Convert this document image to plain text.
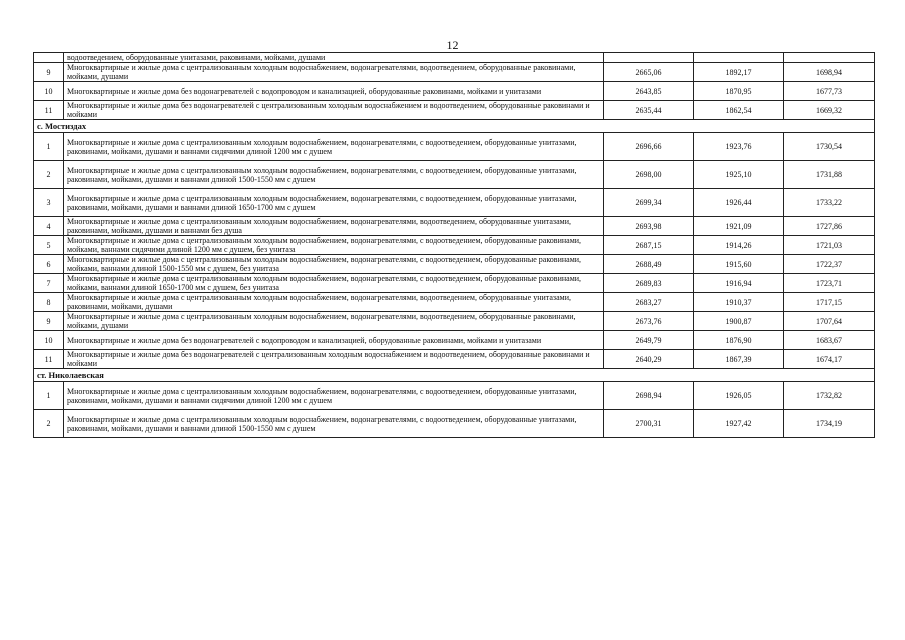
12
	водоотведением, оборудованные унитазами, раковинами, мойками, душами			
9	Многоквартирные и жилые дома с централизованным холодным водоснабжением, водонагревателями, водоотведением, оборудованные раковинами, мойками, душами	2665,06	1892,17	1698,94
10	Многоквартирные и жилые дома без водонагревателей с водопроводом и канализацией, оборудованные раковинами, мойками и унитазами	2643,85	1870,95	1677,73
11	Многоквартирные и жилые дома без водонагревателей с централизованным холодным водоснабжением и водоотведением, оборудованные раковинами и мойками	2635,44	1862,54	1669,32
с. Мостиздах				
1	Многоквартирные и жилые дома с централизованным холодным водоснабжением, водонагревателями, с водоотведением, оборудованные унитазами, раковинами, мойками, душами и ваннами сидячими длиной 1200 мм с душем	2696,66	1923,76	1730,54
2	Многоквартирные и жилые дома с централизованным холодным водоснабжением, водонагревателями, с водоотведением, оборудованные унитазами, раковинами, мойками, душами и ваннами длиной 1500-1550 мм с душем	2698,00	1925,10	1731,88
3	Многоквартирные и жилые дома с централизованным холодным водоснабжением, водонагревателями, с водоотведением, оборудованные унитазами, раковинами, мойками, душами и ваннами длиной 1650-1700 мм с душем	2699,34	1926,44	1733,22
4	Многоквартирные и жилые дома с централизованным холодным водоснабжением, водонагревателями, водоотведением, оборудованные унитазами, раковинами, мойками, душами и ваннами без душа	2693,98	1921,09	1727,86
5	Многоквартирные и жилые дома с централизованным холодным водоснабжением, водонагревателями, с водоотведением, оборудованные раковинами, мойками, ваннами сидячими длиной 1200 мм с душем, без унитаза	2687,15	1914,26	1721,03
6	Многоквартирные и жилые дома с централизованным холодным водоснабжением, водонагревателями, с водоотведением, оборудованные раковинами, мойками, ваннами длиной 1500-1550 мм с душем, без унитаза	2688,49	1915,60	1722,37
7	Многоквартирные и жилые дома с централизованным холодным водоснабжением, водонагревателями, с водоотведением, оборудованные раковинами, мойками, ваннами длиной 1650-1700 мм с душем, без унитаза	2689,83	1916,94	1723,71
8	Многоквартирные и жилые дома с централизованным холодным водоснабжением, водонагревателями, водоотведением, оборудованные унитазами, раковинами, мойками, душами	2683,27	1910,37	1717,15
9	Многоквартирные и жилые дома с централизованным холодным водоснабжением, водонагревателями, водоотведением, оборудованные раковинами, мойками, душами	2673,76	1900,87	1707,64
10	Многоквартирные и жилые дома без водонагревателей с водопроводом и канализацией, оборудованные раковинами, мойками и унитазами	2649,79	1876,90	1683,67
11	Многоквартирные и жилые дома без водонагревателей с централизованным холодным водоснабжением и водоотведением, оборудованные раковинами и мойками	2640,29	1867,39	1674,17
ст. Николаевская				
1	Многоквартирные и жилые дома с централизованным холодным водоснабжением, водонагревателями, с водоотведением, оборудованные унитазами, раковинами, мойками, душами и ваннами сидячими длиной 1200 мм с душем	2698,94	1926,05	1732,82
2	Многоквартирные и жилые дома с централизованным холодным водоснабжением, водонагревателями, с водоотведением, оборудованные унитазами, раковинами, мойками, душами и ваннами длиной 1500-1550 мм с душем	2700,31	1927,42	1734,19
